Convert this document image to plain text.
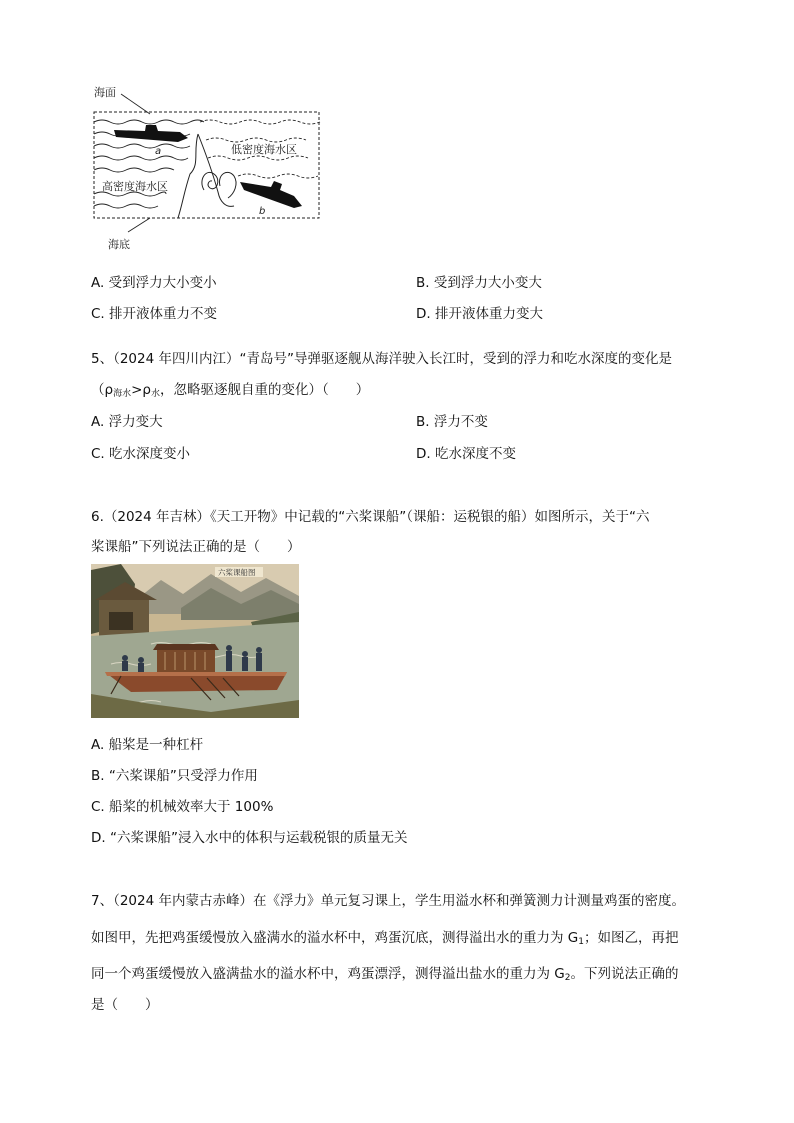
海面
海底
低密度海水区
高密度海水区
a
b
A. 受到浮力大小变小	B. 受到浮力大小变大
C. 排开液体重力不变	D. 排开液体重力变大
5、（2024 年四川内江）“青岛号”导弹驱逐舰从海洋驶入长江时，受到的浮力和吃水深度的变化是
（$\rho_{海水}>\rho_水$，忽略驱逐舰自重的变化）（　　）
A. 浮力变大	B. 浮力不变
C. 吃水深度变小	D. 吃水深度不变
6.（2024 年吉林）《天工开物》中记载的“六桨课船”（课船：运税银的船）如图所示，关于“六
桨课船”下列说法正确的是（　　）
六桨课船图
A. 船桨是一种杠杆
B. “六桨课船”只受浮力作用
C. 船桨的机械效率大于 100%
D. “六桨课船”浸入水中的体积与运载税银的质量无关
7、（2024 年内蒙古赤峰）在《浮力》单元复习课上，学生用溢水杯和弹簧测力计测量鸡蛋的密度。
如图甲，先把鸡蛋缓慢放入盛满水的溢水杯中，鸡蛋沉底，测得溢出水的重力为 $G_1$；如图乙，再把
同一个鸡蛋缓慢放入盛满盐水的溢水杯中，鸡蛋漂浮，测得溢出盐水的重力为 $G_2$。下列说法正确的
是（　　）
